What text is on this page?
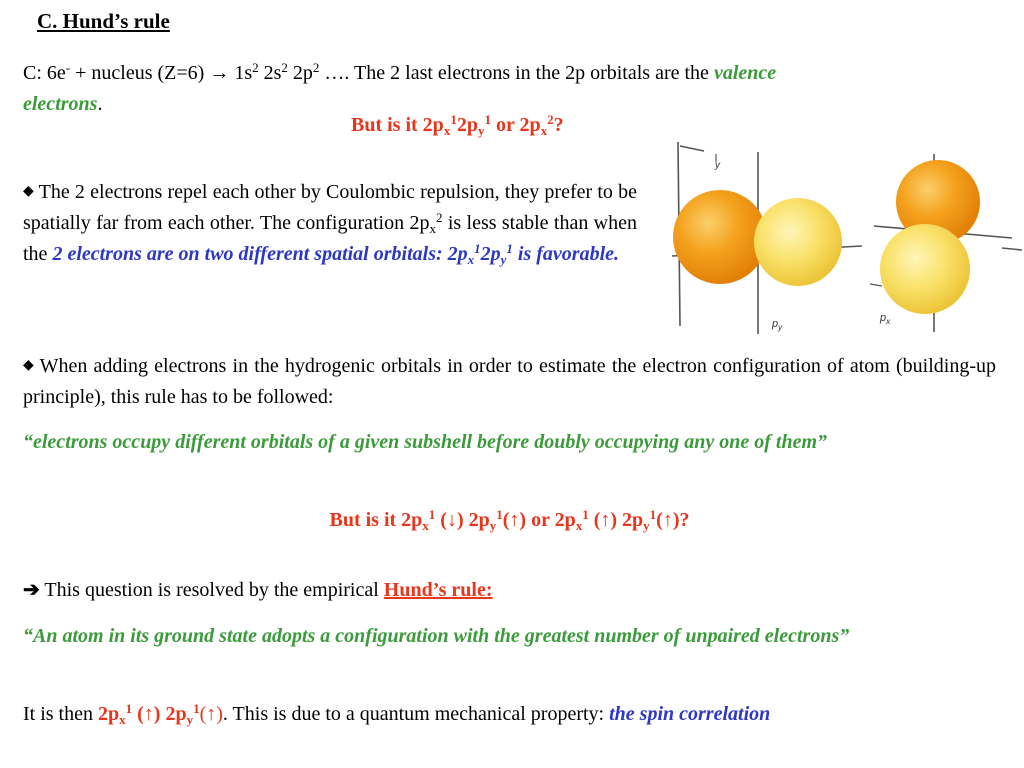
C. Hund’s rule
C: 6e- + nucleus $(Z=6) \to 1s^2$ $2s^2$ $2p^2$ …. The 2 last electrons in the 2p orbitals are the valence
electrons.
But is it $2p_x^12p_y^1$ or $2p_x^2$?
◆ The 2 electrons repel each other by Coulombic repulsion, they prefer to be spatially far from each other. The configuration $2p_x^2$ is less stable than when the 2 electrons are on two different spatial orbitals: $2p_x^12p_y^1$ is favorable.
y
$p_y$
$p_x$
◆ When adding electrons in the hydrogenic orbitals in order to estimate the electron configuration of atom (building-up principle), this rule has to be followed:
“electrons occupy different orbitals of a given subshell before doubly occupying any one of them”
But is it $2p_x^1$ (↓) $2p_y^1(↑)$ or $2p_x^1$ (↑) $2p_y^1(↑)$?
➔ This question is resolved by the empirical Hund’s rule:
“An atom in its ground state adopts a configuration with the greatest number of unpaired electrons”
It is then $2p_x^1$ (↑) $2p_y^1(↑)$. This is due to a quantum mechanical property: the spin correlation
